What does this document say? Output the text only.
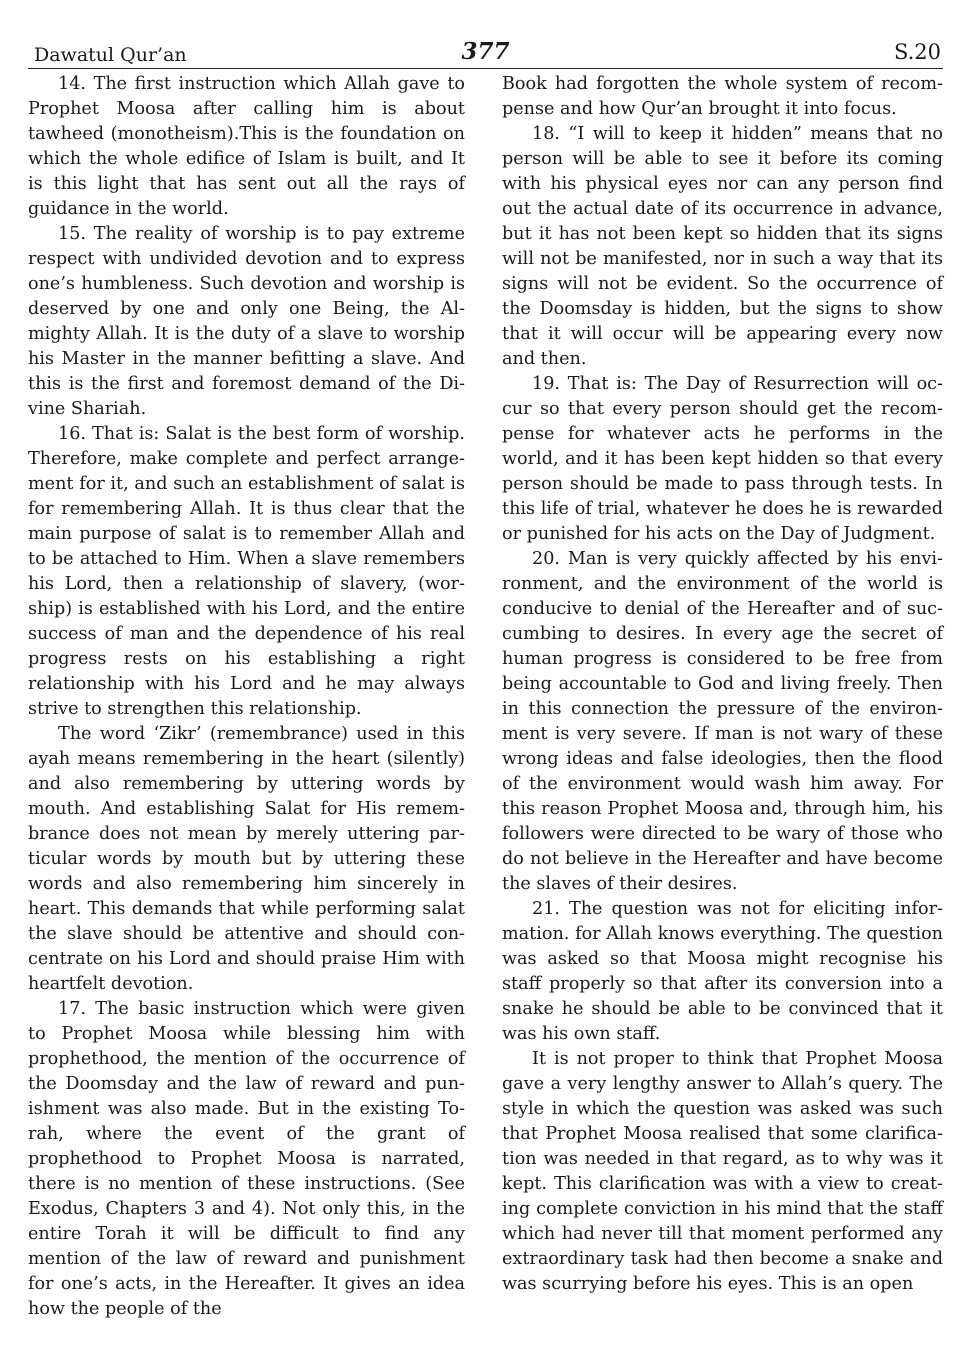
Dawatul Qur’an	377	S.20

14. The first instruction which Allah gave to Prophet Moosa after calling him is about tawheed (monotheism).This is the foundation on which the whole edifice of Islam is built, and It is this light that has sent out all the rays of guidance in the world.

15. The reality of worship is to pay extreme respect with undivided devotion and to express one’s humbleness. Such devotion and worship is deserved by one and only one Being, the Almighty Allah. It is the duty of a slave to worship his Master in the manner befitting a slave. And this is the first and foremost demand of the Divine Shariah.

16. That is: Salat is the best form of worship. Therefore, make complete and perfect arrangement for it, and such an establishment of salat is for remembering Allah. It is thus clear that the main purpose of salat is to remember Allah and to be attached to Him. When a slave remembers his Lord, then a relationship of slavery, (worship) is established with his Lord, and the entire success of man and the dependence of his real progress rests on his establishing a right relationship with his Lord and he may always strive to strengthen this relationship.

The word ‘Zikr’ (remembrance) used in this ayah means remembering in the heart (silently) and also remembering by uttering words by mouth. And establishing Salat for His remembrance does not mean by merely uttering particular words by mouth but by uttering these words and also remembering him sincerely in heart. This demands that while performing salat the slave should be attentive and should concentrate on his Lord and should praise Him with heartfelt devotion.

17. The basic instruction which were given to Prophet Moosa while blessing him with prophethood, the mention of the occurrence of the Doomsday and the law of reward and punishment was also made. But in the existing Torah, where the event of the grant of prophethood to Prophet Moosa is narrated, there is no mention of these instructions. (See Exodus, Chapters 3 and 4). Not only this, in the entire Torah it will be difficult to find any mention of the law of reward and punishment for one’s acts, in the Hereafter. It gives an idea how the people of the

Book had forgotten the whole system of recompense and how Qur’an brought it into focus.

18. “I will to keep it hidden” means that no person will be able to see it before its coming with his physical eyes nor can any person find out the actual date of its occurrence in advance, but it has not been kept so hidden that its signs will not be manifested, nor in such a way that its signs will not be evident. So the occurrence of the Doomsday is hidden, but the signs to show that it will occur will be appearing every now and then.

19. That is: The Day of Resurrection will occur so that every person should get the recompense for whatever acts he performs in the world, and it has been kept hidden so that every person should be made to pass through tests. In this life of trial, whatever he does he is rewarded or punished for his acts on the Day of Judgment.

20. Man is very quickly affected by his environment, and the environment of the world is conducive to denial of the Hereafter and of succumbing to desires. In every age the secret of human progress is considered to be free from being accountable to God and living freely. Then in this connection the pressure of the environment is very severe. If man is not wary of these wrong ideas and false ideologies, then the flood of the environment would wash him away. For this reason Prophet Moosa and, through him, his followers were directed to be wary of those who do not believe in the Hereafter and have become the slaves of their desires.

21. The question was not for eliciting information. for Allah knows everything. The question was asked so that Moosa might recognise his staff properly so that after its conversion into a snake he should be able to be convinced that it was his own staff.

It is not proper to think that Prophet Moosa gave a very lengthy answer to Allah’s query. The style in which the question was asked was such that Prophet Moosa realised that some clarification was needed in that regard, as to why was it kept. This clarification was with a view to creating complete conviction in his mind that the staff which had never till that moment performed any extraordinary task had then become a snake and was scurrying before his eyes. This is an open
